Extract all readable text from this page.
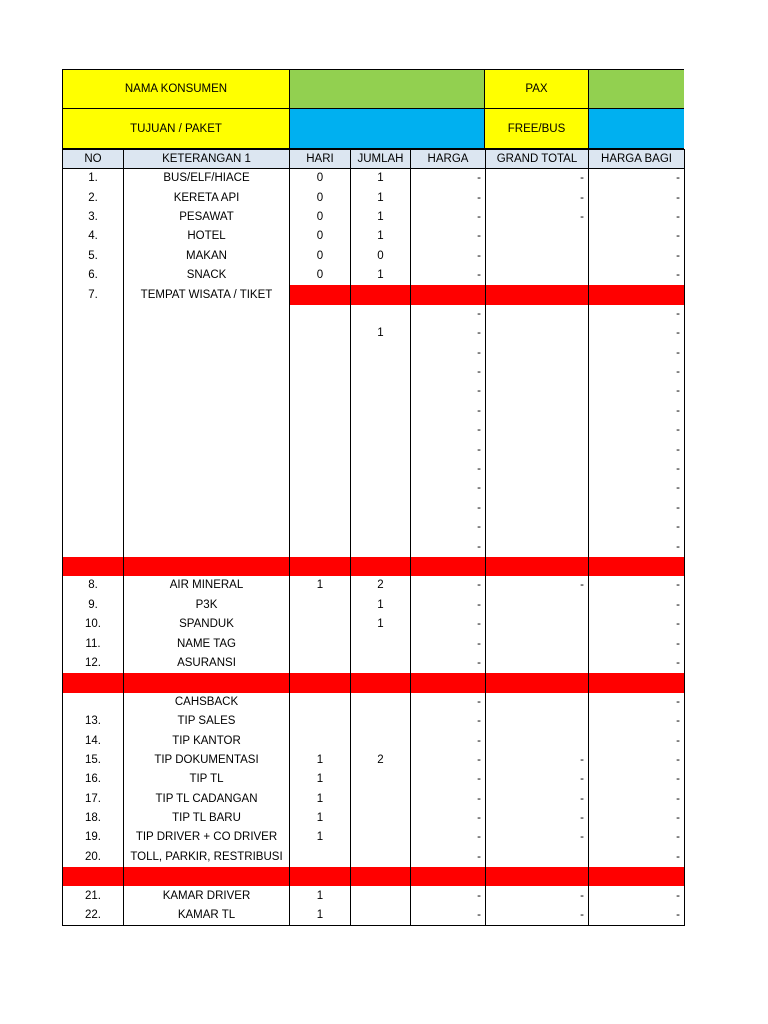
NAMA KONSUMEN	PAX
TUJUAN / PAKET	FREE/BUS
NO	KETERANGAN 1	HARI	JUMLAH	HARGA	GRAND TOTAL	HARGA BAGI
1.	BUS/ELF/HIACE	0	1	-	-	-
2.	KERETA API	0	1	-	-	-
3.	PESAWAT	0	1	-	-	-
4.	HOTEL	0	1	-		-
5.	MAKAN	0	0	-		-
6.	SNACK	0	1	-		-
7.	TEMPAT WISATA / TIKET					
				-		-
			1	-		-
				-		-
				-		-
				-		-
				-		-
				-		-
				-		-
				-		-
				-		-
				-		-
				-		-
				-		-

8.	AIR MINERAL	1	2	-	-	-
9.	P3K		1	-		-
10.	SPANDUK		1	-		-
11.	NAME TAG			-		-
12.	ASURANSI			-		-

	CAHSBACK			-		-
13.	TIP SALES			-		-
14.	TIP KANTOR			-		-
15.	TIP DOKUMENTASI	1	2	-	-	-
16.	TIP TL	1		-	-	-
17.	TIP TL CADANGAN	1		-	-	-
18.	TIP TL BARU	1		-	-	-
19.	TIP DRIVER + CO DRIVER	1		-	-	-
20.	TOLL, PARKIR, RESTRIBUSI			-		-

21.	KAMAR DRIVER	1		-	-	-
22.	KAMAR TL	1		-	-	-
